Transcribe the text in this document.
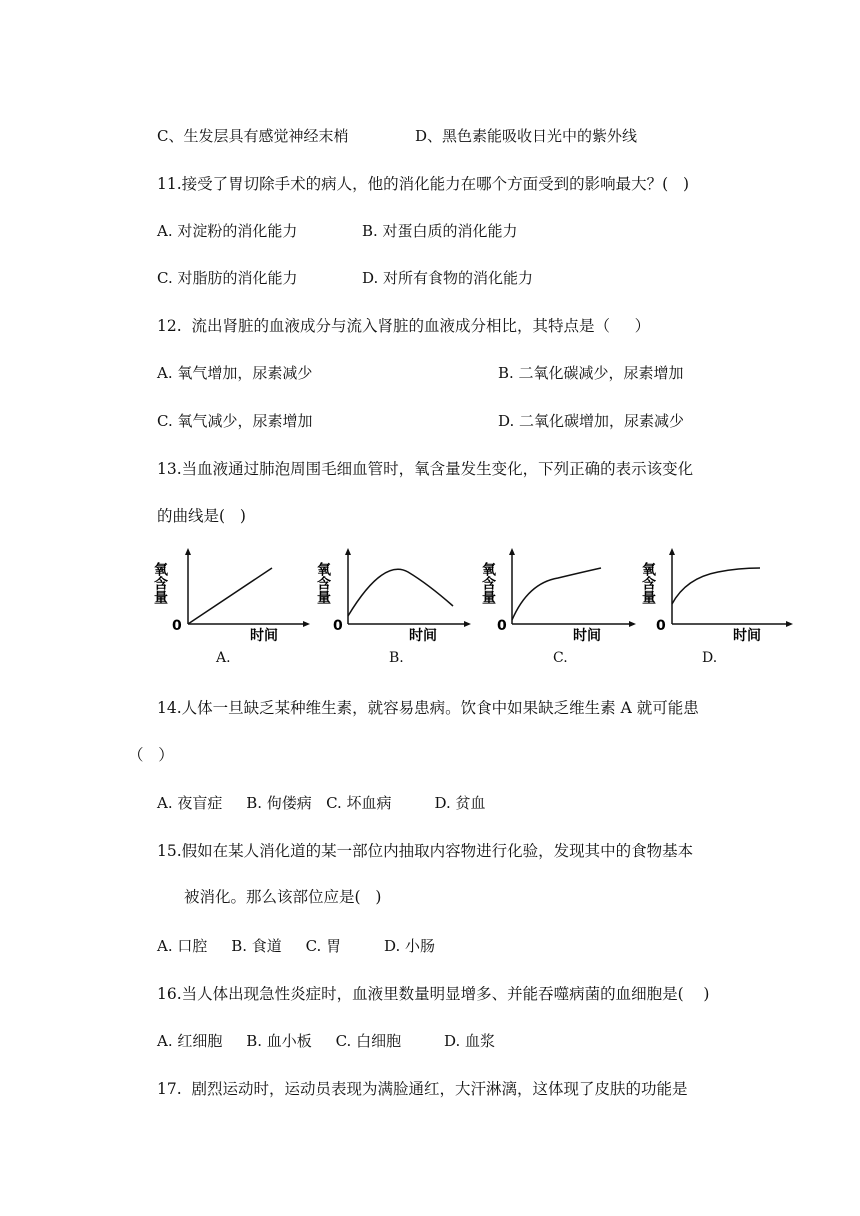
C、生发层具有感觉神经末梢	D、黑色素能吸收日光中的紫外线
11.接受了胃切除手术的病人，他的消化能力在哪个方面受到的影响最大？(   )
A. 对淀粉的消化能力	B. 对蛋白质的消化能力
C. 对脂肪的消化能力	D. 对所有食物的消化能力
12.  流出肾脏的血液成分与流入肾脏的血液成分相比，其特点是（     ）
A. 氧气增加，尿素减少	B. 二氧化碳减少，尿素增加
C. 氧气减少，尿素增加	D. 二氧化碳增加，尿素减少
13.当血液通过肺泡周围毛细血管时，氧含量发生变化，下列正确的表示该变化
的曲线是(   )
氧含量
0
时间
氧含量
0
时间
氧含量
0
时间
氧含量
0
时间
A.	B.	C.	D.
14.人体一旦缺乏某种维生素，就容易患病。饮食中如果缺乏维生素 A 就可能患
（   ）
A. 夜盲症     B. 佝偻病   C. 坏血病         D. 贫血
15.假如在某人消化道的某一部位内抽取内容物进行化验，发现其中的食物基本
被消化。那么该部位应是(   )
A. 口腔     B. 食道     C. 胃         D. 小肠
16.当人体出现急性炎症时，血液里数量明显增多、并能吞噬病菌的血细胞是(    )
A. 红细胞     B. 血小板     C. 白细胞         D. 血浆
17.  剧烈运动时，运动员表现为满脸通红，大汗淋漓，这体现了皮肤的功能是
